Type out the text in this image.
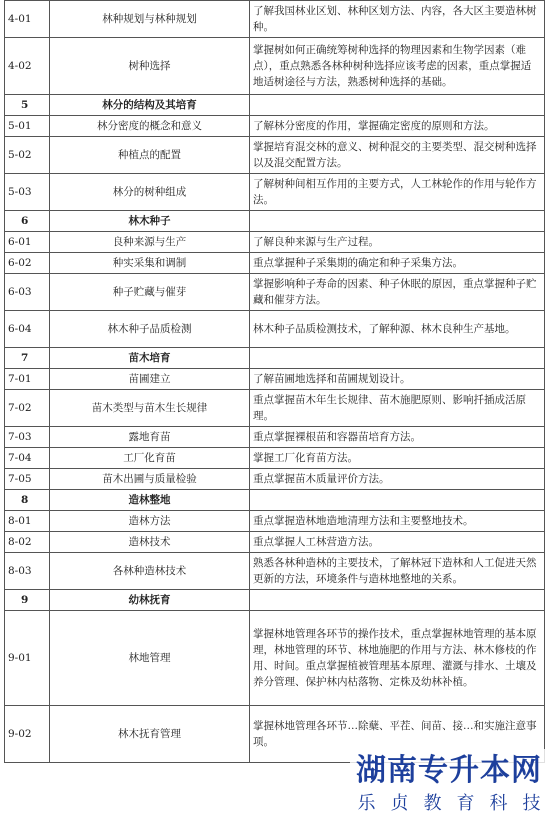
4-01	林种规划与林种规划	了解我国林业区划、林种区划方法、内容，各大区主要造林树种。
4-02	树种选择	掌握树如何正确统筹树种选择的物理因素和生物学因素（难点），重点熟悉各林种树种选择应该考虑的因素，重点掌握适地适树途径与方法，熟悉树种选择的基础。
5	林分的结构及其培育	
5-01	林分密度的概念和意义	了解林分密度的作用，掌握确定密度的原则和方法。
5-02	种植点的配置	掌握培育混交林的意义、树种混交的主要类型、混交树种选择以及混交配置方法。
5-03	林分的树种组成	了解树种间相互作用的主要方式，人工林轮作的作用与轮作方法。
6	林木种子	
6-01	良种来源与生产	了解良种来源与生产过程。
6-02	种实采集和调制	重点掌握种子采集期的确定和种子采集方法。
6-03	种子贮藏与催芽	掌握影响种子寿命的因素、种子休眠的原因，重点掌握种子贮藏和催芽方法。
6-04	林木种子品质检测	林木种子品质检测技术，了解种源、林木良种生产基地。
7	苗木培育	
7-01	苗圃建立	了解苗圃地选择和苗圃规划设计。
7-02	苗木类型与苗木生长规律	重点掌握苗木年生长规律、苗木施肥原则、影响扦插成活原理。
7-03	露地育苗	重点掌握裸根苗和容器苗培育方法。
7-04	工厂化育苗	掌握工厂化育苗方法。
7-05	苗木出圃与质量检验	重点掌握苗木质量评价方法。
8	造林整地	
8-01	造林方法	重点掌握造林地造地清理方法和主要整地技术。
8-02	造林技术	重点掌握人工林营造方法。
8-03	各林种造林技术	熟悉各林种造林的主要技术，了解林冠下造林和人工促进天然更新的方法，环境条件与造林地整地的关系。
9	幼林抚育	
9-01	林地管理	掌握林地管理各环节的操作技术，重点掌握林地管理的基本原理，林地管理的环节、林地施肥的作用与方法、林木修枝的作用、时间。重点掌握植被管理基本原理、灌溉与排水、土壤及养分管理、保护林内枯落物、定株及幼林补植。
9-02	林木抚育管理	掌握林地管理各环节…除蘖、平茬、间苗、接…和实施注意事项。
湖南专升本网
乐 贞 教 育 科 技
